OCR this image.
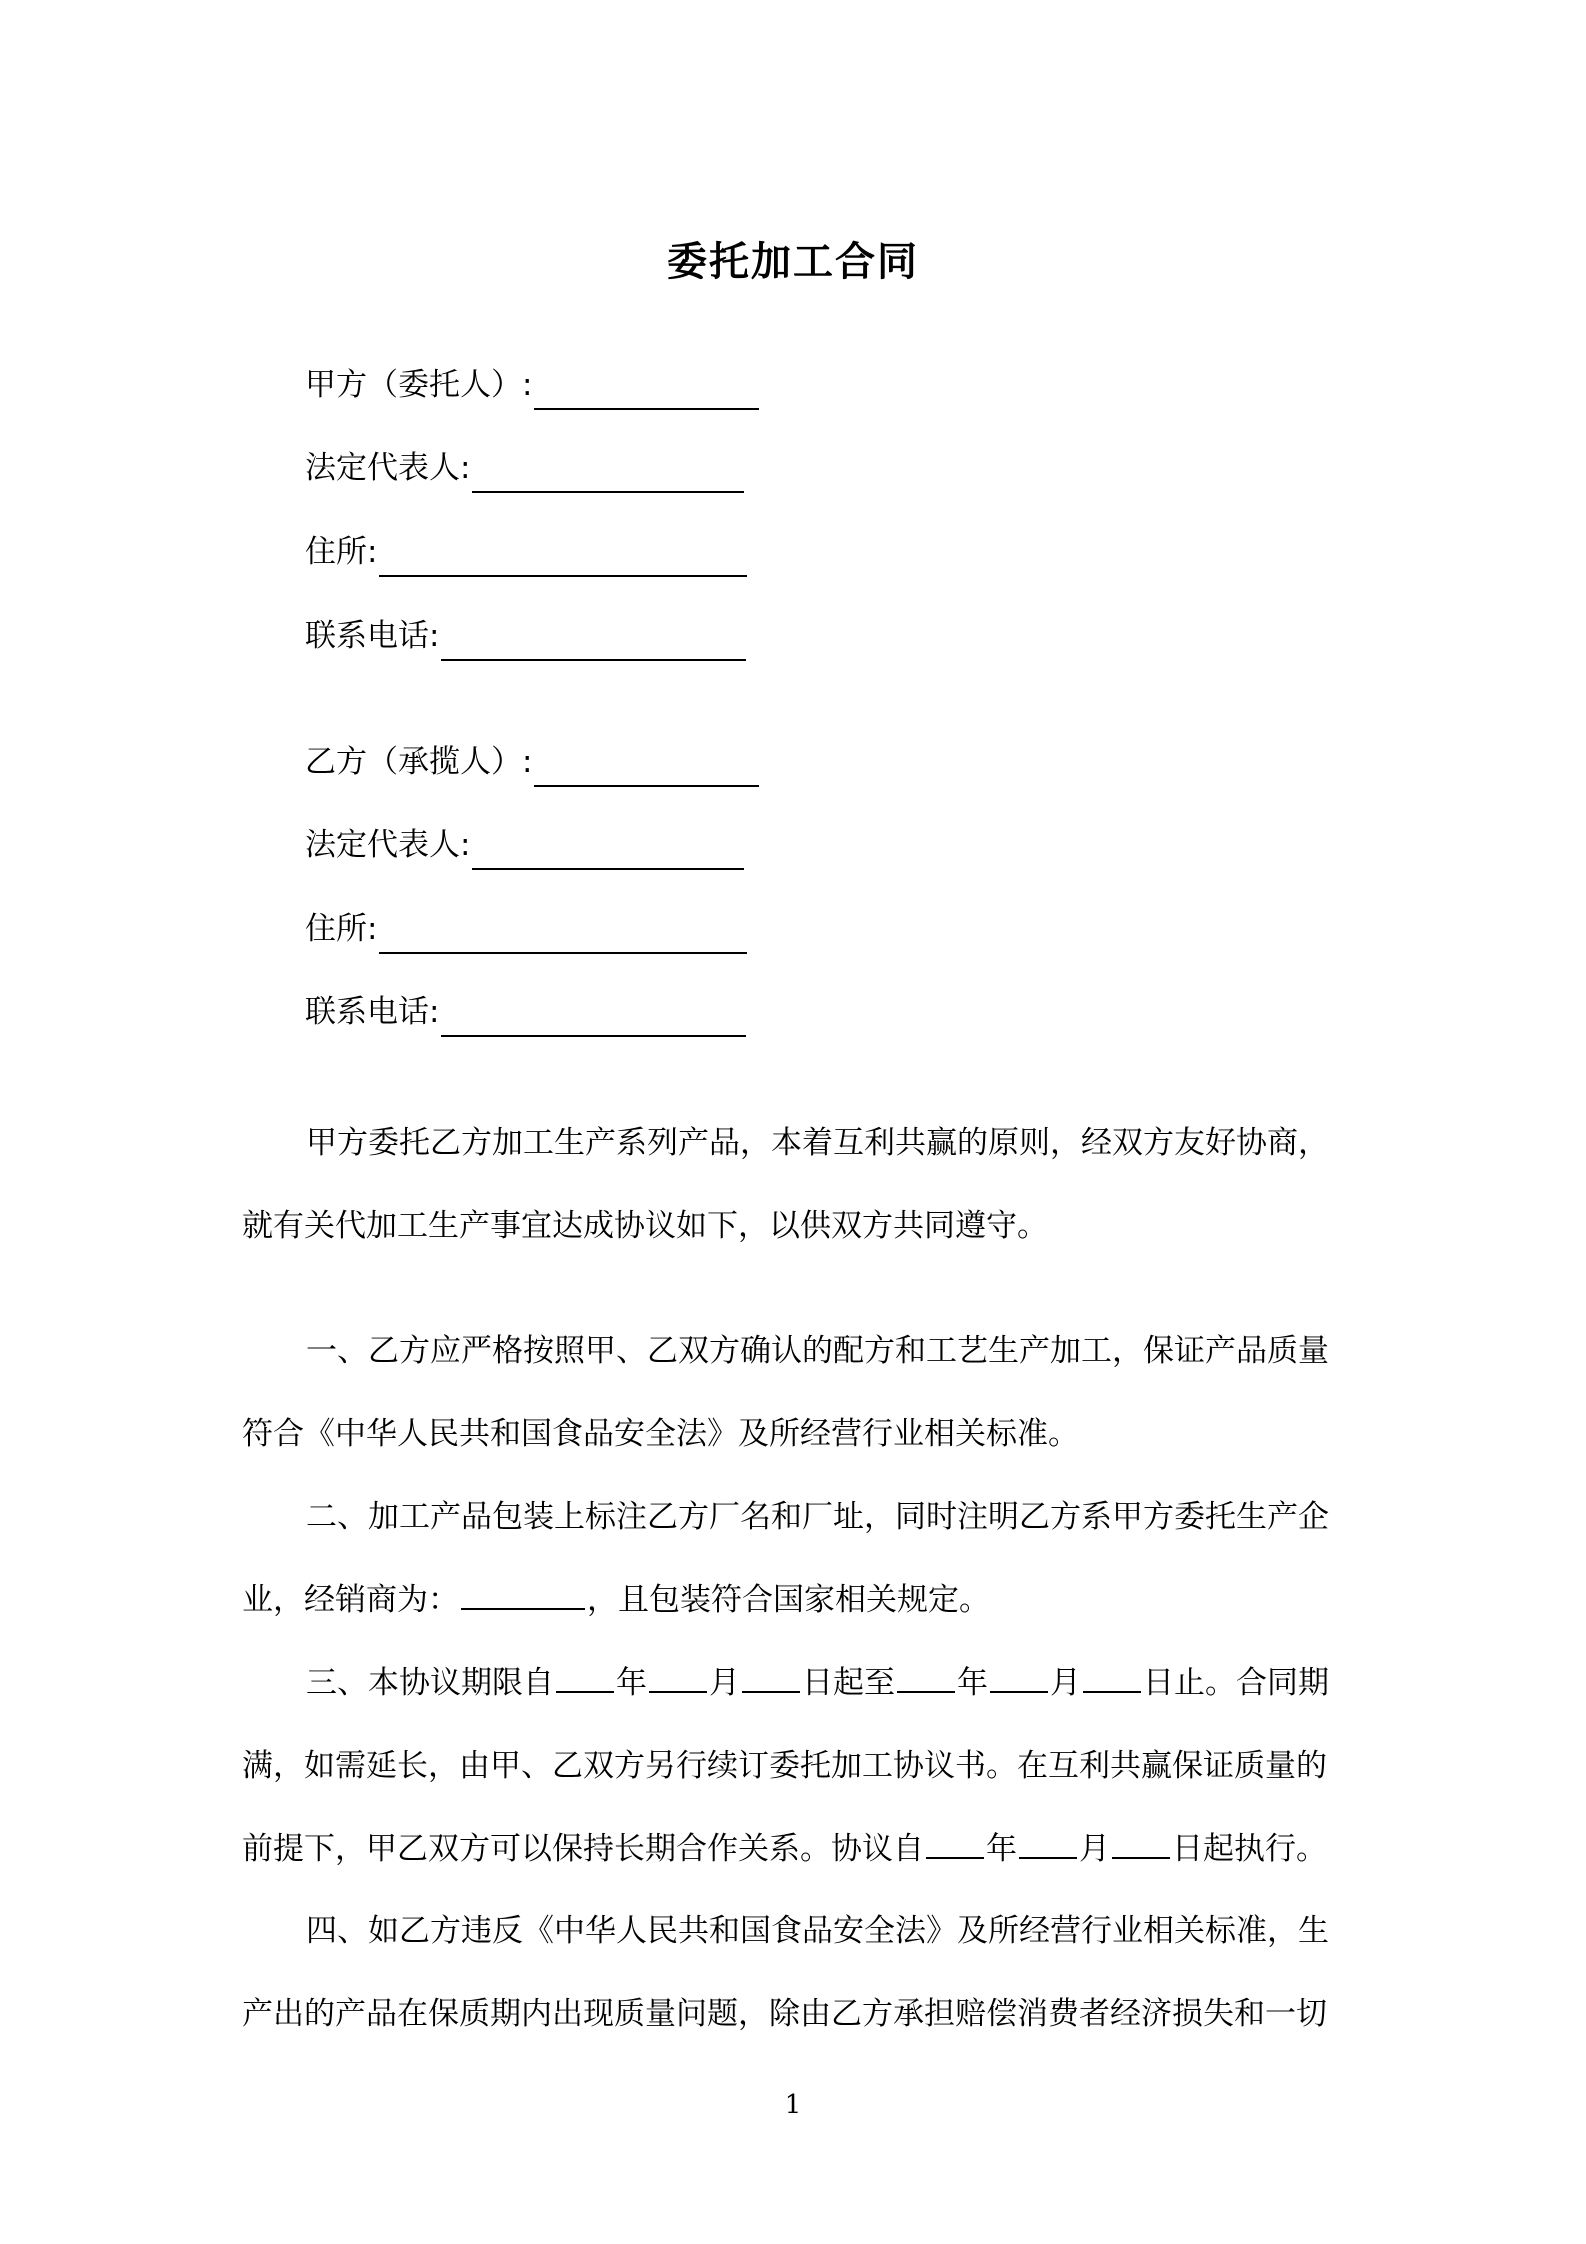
委托加工合同
甲方（委托人）:
法定代表人:
住所:
联系电话:
乙方（承揽人）:
法定代表人:
住所:
联系电话:
甲方委托乙方加工生产系列产品，本着互利共赢的原则，经双方友好协商，
就有关代加工生产事宜达成协议如下，以供双方共同遵守。
一、乙方应严格按照甲、乙双方确认的配方和工艺生产加工，保证产品质量
符合《中华人民共和国食品安全法》及所经营行业相关标准。
二、加工产品包装上标注乙方厂名和厂址，同时注明乙方系甲方委托生产企
业，经销商为：	，且包装符合国家相关规定。
三、本协议期限自 年 月 日起至 年 月 日止。合同期
满，如需延长，由甲、乙双方另行续订委托加工协议书。在互利共赢保证质量的
前提下，甲乙双方可以保持长期合作关系。协议自 年 月 日起执行。
四、如乙方违反《中华人民共和国食品安全法》及所经营行业相关标准，生
产出的产品在保质期内出现质量问题，除由乙方承担赔偿消费者经济损失和一切
1
